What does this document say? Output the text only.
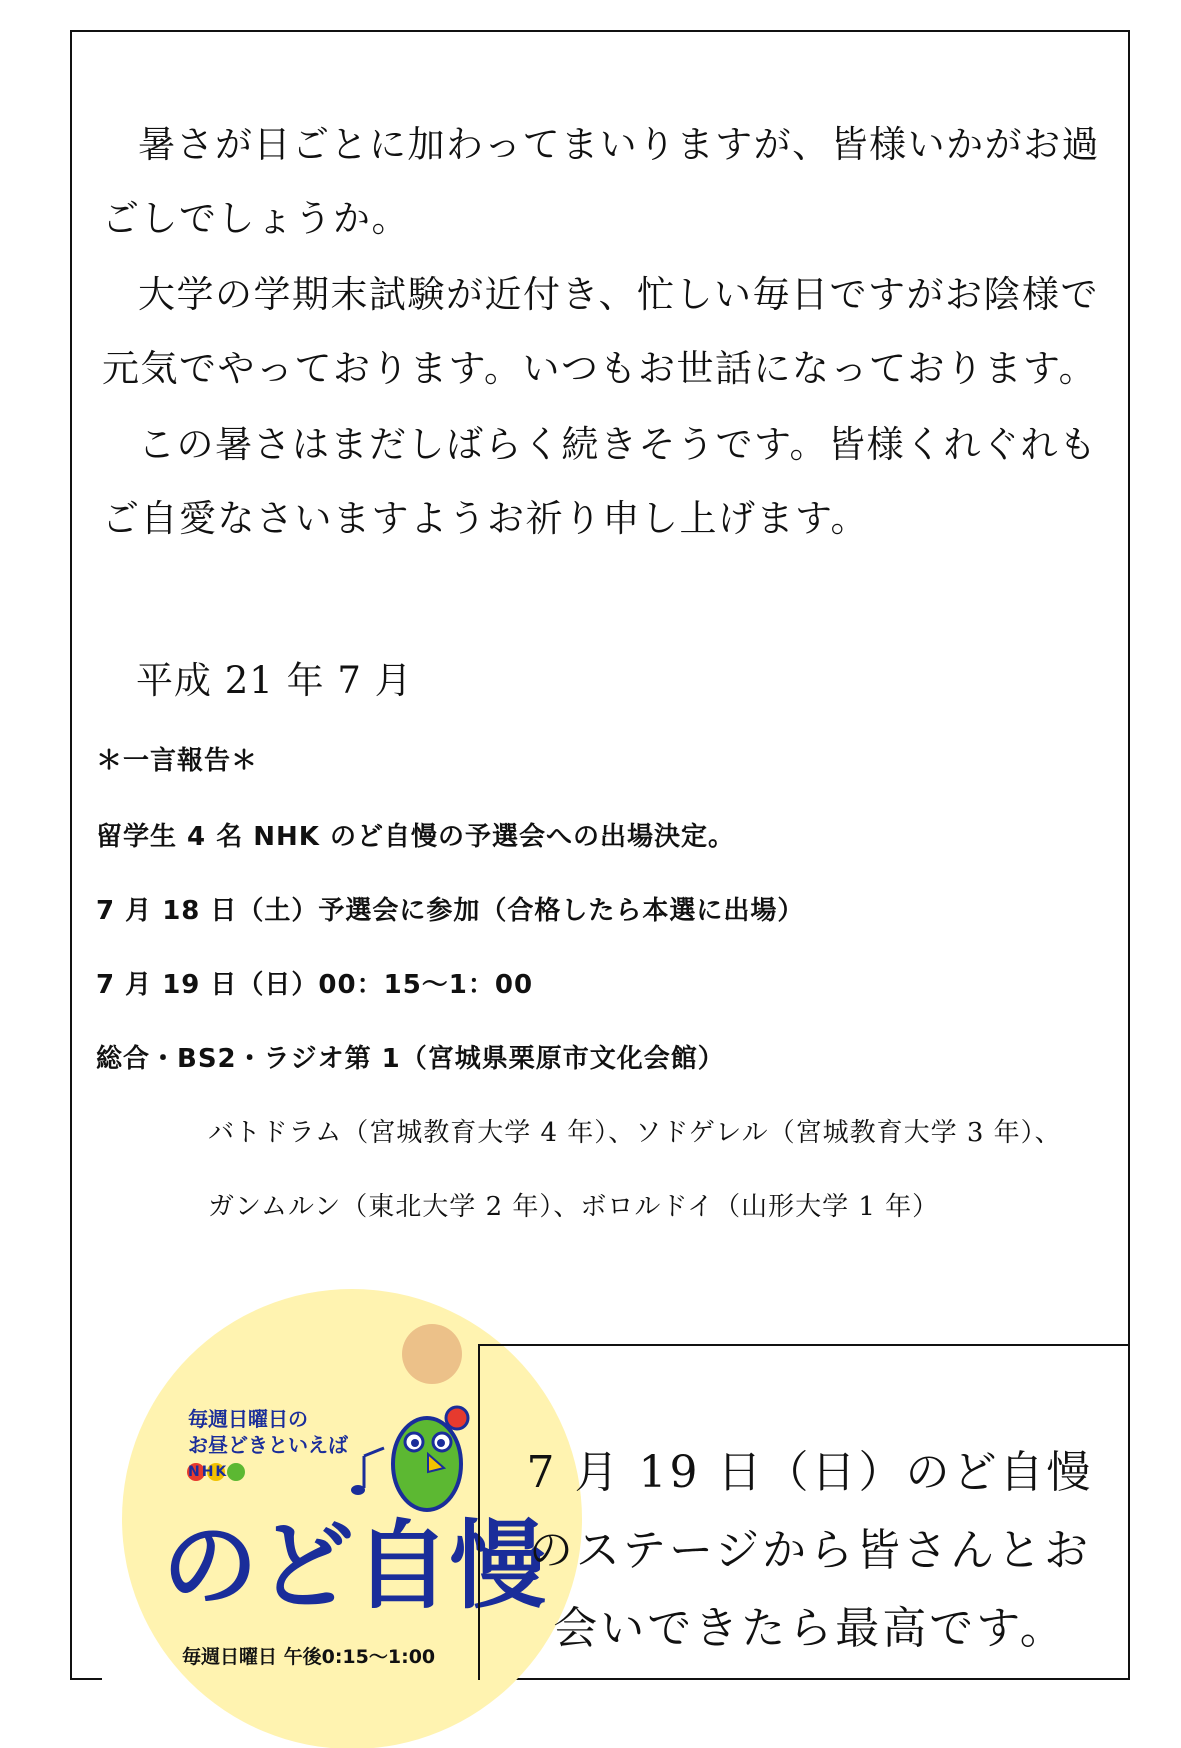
暑さが日ごとに加わってまいりますが、皆様いかがお過ごしでしょうか。

大学の学期末試験が近付き、忙しい毎日ですがお陰様で元気でやっております。いつもお世話になっております。

この暑さはまだしばらく続きそうです。皆様くれぐれもご自愛なさいますようお祈り申し上げます。

平成 21 年 7 月

＊一言報告＊

留学生 4 名 NHK のど自慢の予選会への出場決定。

7 月 18 日（土）予選会に参加（合格したら本選に出場）

7 月 19 日（日）00：15〜1：00

総合・BS2・ラジオ第 1（宮城県栗原市文化会館）

バトドラム（宮城教育大学 4 年）、ソドゲレル（宮城教育大学 3 年）、

ガンムルン（東北大学 2 年）、ボロルドイ（山形大学 1 年）

のど自慢

毎週日曜日の
お昼どきといえば

NHK

毎週日曜日 午後0:15〜1:00

7 月 19 日（日）のど自慢のステージから皆さんとお会いできたら最高です。
